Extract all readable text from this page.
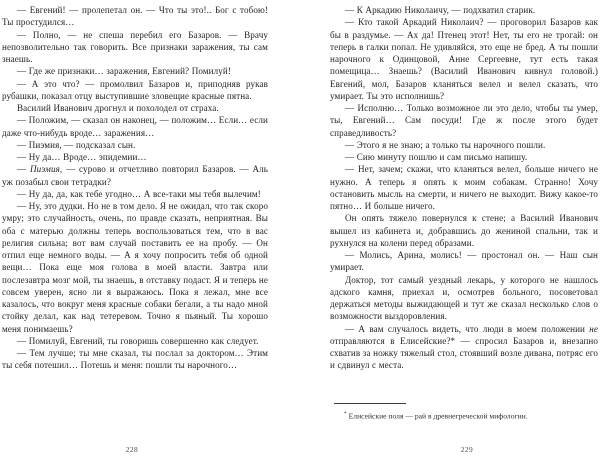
— Евгений! — пролепетал он. — Что ты это!.. Бог с тобою! Ты простудился…

— Полно, — не спеша перебил его Базаров. — Врачу непозволительно так говорить. Все признаки заражения, ты сам знаешь.

— Где же признаки… заражения, Евгений? Помилуй!

— А это что? — промолвил Базаров и, приподняв рукав рубашки, показал отцу выступившие зловещие красные пятна.

Василий Иванович дрогнул и похолодел от страха.

— Положим, — сказал он наконец, — положим… Если… если даже что-нибудь вроде… заражения…

— Пиэмия, — подсказал сын.

— Ну да… Вроде… эпидемии…

— Пиэмия, — сурово и отчетливо повторил Базаров. — Аль уж позабыл свои тетрадки?

— Ну да, да, как тебе угодно… А все-таки мы тебя вылечим!

— Ну, это дудки. Но не в том дело. Я не ожидал, что так скоро умру; это случайность, очень, по правде сказать, неприятная. Вы оба с матерью должны теперь воспользоваться тем, что в вас религия сильна; вот вам случай поставить ее на пробу. — Он отпил еще немного воды. — А я хочу попросить тебя об одной вещи… Пока еще моя голова в моей власти. Завтра или послезавтра мозг мой, ты знаешь, в отставку подаст. Я и теперь не совсем уверен, ясно ли я выражаюсь. Пока я лежал, мне все казалось, что вокруг меня красные собаки бегали, а ты надо мной стойку делал, как над тетеревом. Точно я пьяный. Ты хорошо меня понимаешь?

— Помилуй, Евгений, ты говоришь совершенно как следует.

— Тем лучше; ты мне сказал, ты послал за доктором… Этим ты себя потешил… Потешь и меня: пошли ты нарочного…

228

— К Аркадию Николаичу, — подхватил старик.

— Кто такой Аркадий Николаич? — проговорил Базаров как бы в раздумье. — Ах да! Птенец этот! Нет, ты его не трогай: он теперь в галки попал. Не удивляйся, это еще не бред. А ты пошли нарочного к Одинцовой, Анне Сергеевне, тут есть такая помещица… Знаешь? (Василий Иванович кивнул головой.) Евгений, мол, Базаров кланяться велел и велел сказать, что умирает. Ты это исполнишь?

— Исполню… Только возможное ли это дело, чтобы ты умер, ты, Евгений… Сам посуди! Где ж после этого будет справедливость?

— Этого я не знаю; а только ты нарочного пошли.

— Сию минуту пошлю и сам письмо напишу.

— Нет, зачем; скажи, что кланяться велел, больше ничего не нужно. А теперь я опять к моим собакам. Странно! Хочу остановить мысль на смерти, и ничего не выходит. Вижу какое-то пятно… И больше ничего.

Он опять тяжело повернулся к стене; а Василий Иванович вышел из кабинета и, добравшись до жениной спальни, так и рухнулся на колени перед образами.

— Молись, Арина, молись! — простонал он. — Наш сын умирает.

Доктор, тот самый уездный лекарь, у которого не нашлось адского камня, приехал и, осмотрев больного, посоветовал держаться методы выжидающей и тут же сказал несколько слов о возможности выздоровления.

— А вам случалось видеть, что люди в моем положении не отправляются в Елисейские?* — спросил Базаров и, внезапно схватив за ножку тяжелый стол, стоявший возле дивана, потряс его и сдвинул с места.

* Елисейские поля — рай в древнегреческой мифологии.

229
